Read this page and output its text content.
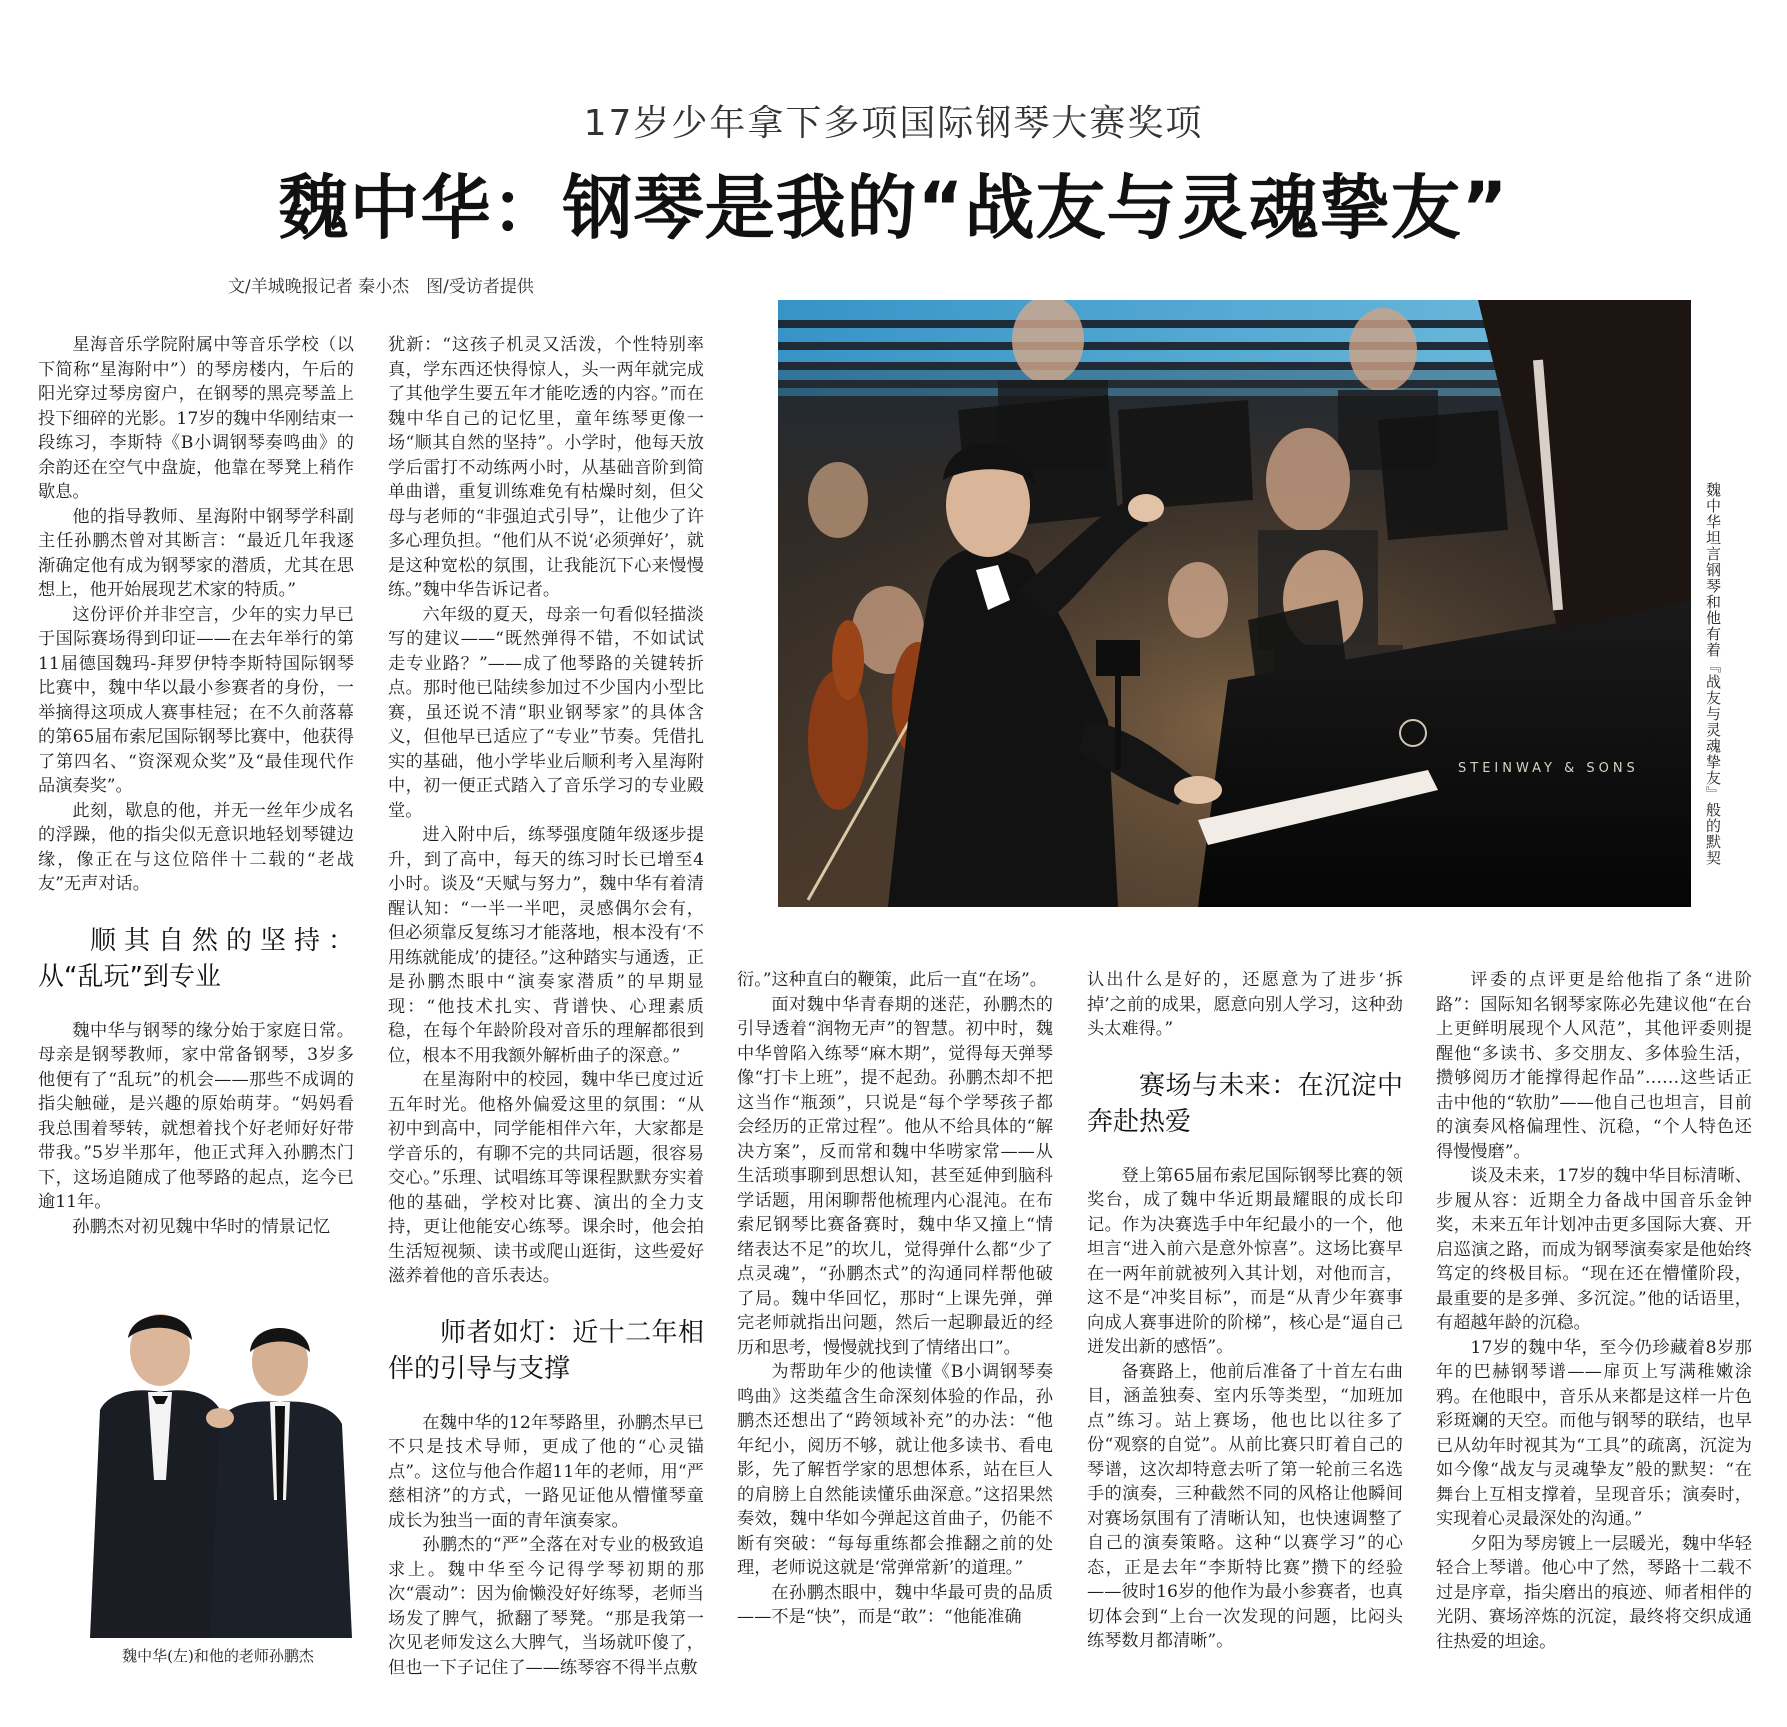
17岁少年拿下多项国际钢琴大赛奖项
魏中华：钢琴是我的“战友与灵魂挚友”
文/羊城晚报记者 秦小杰　图/受访者提供
STEINWAY & SONS	魏中华坦言钢琴和他有着『战友与灵魂挚友』般的默契
魏中华(左)和他的老师孙鹏杰

星海音乐学院附属中等音乐学校（以下简称“星海附中”）的琴房楼内，午后的阳光穿过琴房窗户，在钢琴的黑亮琴盖上投下细碎的光影。17岁的魏中华刚结束一段练习，李斯特《B小调钢琴奏鸣曲》的余韵还在空气中盘旋，他靠在琴凳上稍作歇息。

他的指导教师、星海附中钢琴学科副主任孙鹏杰曾对其断言：“最近几年我逐渐确定他有成为钢琴家的潜质，尤其在思想上，他开始展现艺术家的特质。”

这份评价并非空言，少年的实力早已于国际赛场得到印证——在去年举行的第11届德国魏玛-拜罗伊特李斯特国际钢琴比赛中，魏中华以最小参赛者的身份，一举摘得这项成人赛事桂冠；在不久前落幕的第65届布索尼国际钢琴比赛中，他获得了第四名、“资深观众奖”及“最佳现代作品演奏奖”。

此刻，歇息的他，并无一丝年少成名的浮躁，他的指尖似无意识地轻划琴键边缘，像正在与这位陪伴十二载的“老战友”无声对话。

顺其自然的坚持：从“乱玩”到专业

魏中华与钢琴的缘分始于家庭日常。母亲是钢琴教师，家中常备钢琴，3岁多他便有了“乱玩”的机会——那些不成调的指尖触碰，是兴趣的原始萌芽。“妈妈看我总围着琴转，就想着找个好老师好好带带我。”5岁半那年，他正式拜入孙鹏杰门下，这场追随成了他琴路的起点，迄今已逾11年。

孙鹏杰对初见魏中华时的情景记忆

犹新：“这孩子机灵又活泼，个性特别率真，学东西还快得惊人，头一两年就完成了其他学生要五年才能吃透的内容。”而在魏中华自己的记忆里，童年练琴更像一场“顺其自然的坚持”。小学时，他每天放学后雷打不动练两小时，从基础音阶到简单曲谱，重复训练难免有枯燥时刻，但父母与老师的“非强迫式引导”，让他少了许多心理负担。“他们从不说‘必须弹好’，就是这种宽松的氛围，让我能沉下心来慢慢练。”魏中华告诉记者。

六年级的夏天，母亲一句看似轻描淡写的建议——“既然弹得不错，不如试试走专业路？”——成了他琴路的关键转折点。那时他已陆续参加过不少国内小型比赛，虽还说不清“职业钢琴家”的具体含义，但他早已适应了“专业”节奏。凭借扎实的基础，他小学毕业后顺利考入星海附中，初一便正式踏入了音乐学习的专业殿堂。

进入附中后，练琴强度随年级逐步提升，到了高中，每天的练习时长已增至4小时。谈及“天赋与努力”，魏中华有着清醒认知：“一半一半吧，灵感偶尔会有，但必须靠反复练习才能落地，根本没有‘不用练就能成’的捷径。”这种踏实与通透，正是孙鹏杰眼中“演奏家潜质”的早期显现：“他技术扎实、背谱快、心理素质稳，在每个年龄阶段对音乐的理解都很到位，根本不用我额外解析曲子的深意。”

在星海附中的校园，魏中华已度过近五年时光。他格外偏爱这里的氛围：“从初中到高中，同学能相伴六年，大家都是学音乐的，有聊不完的共同话题，很容易交心。”乐理、试唱练耳等课程默默夯实着他的基础，学校对比赛、演出的全力支持，更让他能安心练琴。课余时，他会拍生活短视频、读书或爬山逛街，这些爱好滋养着他的音乐表达。

师者如灯：近十二年相伴的引导与支撑

在魏中华的12年琴路里，孙鹏杰早已不只是技术导师，更成了他的“心灵锚点”。这位与他合作超11年的老师，用“严慈相济”的方式，一路见证他从懵懂琴童成长为独当一面的青年演奏家。

孙鹏杰的“严”全落在对专业的极致追求上。魏中华至今记得学琴初期的那次“震动”：因为偷懒没好好练琴，老师当场发了脾气，掀翻了琴凳。“那是我第一次见老师发这么大脾气，当场就吓傻了，但也一下子记住了——练琴容不得半点敷

衍。”这种直白的鞭策，此后一直“在场”。

面对魏中华青春期的迷茫，孙鹏杰的引导透着“润物无声”的智慧。初中时，魏中华曾陷入练琴“麻木期”，觉得每天弹琴像“打卡上班”，提不起劲。孙鹏杰却不把这当作“瓶颈”，只说是“每个学琴孩子都会经历的正常过程”。他从不给具体的“解决方案”，反而常和魏中华唠家常——从生活琐事聊到思想认知，甚至延伸到脑科学话题，用闲聊帮他梳理内心混沌。在布索尼钢琴比赛备赛时，魏中华又撞上“情绪表达不足”的坎儿，觉得弹什么都“少了点灵魂”，“孙鹏杰式”的沟通同样帮他破了局。魏中华回忆，那时“上课先弹，弹完老师就指出问题，然后一起聊最近的经历和思考，慢慢就找到了情绪出口”。

为帮助年少的他读懂《B小调钢琴奏鸣曲》这类蕴含生命深刻体验的作品，孙鹏杰还想出了“跨领域补充”的办法：“他年纪小，阅历不够，就让他多读书、看电影，先了解哲学家的思想体系，站在巨人的肩膀上自然能读懂乐曲深意。”这招果然奏效，魏中华如今弹起这首曲子，仍能不断有突破：“每每重练都会推翻之前的处理，老师说这就是‘常弹常新’的道理。”

在孙鹏杰眼中，魏中华最可贵的品质——不是“快”，而是“敢”：“他能准确

认出什么是好的，还愿意为了进步‘拆掉’之前的成果，愿意向别人学习，这种劲头太难得。”

赛场与未来：在沉淀中奔赴热爱

登上第65届布索尼国际钢琴比赛的领奖台，成了魏中华近期最耀眼的成长印记。作为决赛选手中年纪最小的一个，他坦言“进入前六是意外惊喜”。这场比赛早在一两年前就被列入其计划，对他而言，这不是“冲奖目标”，而是“从青少年赛事向成人赛事进阶的阶梯”，核心是“逼自己迸发出新的感悟”。

备赛路上，他前后准备了十首左右曲目，涵盖独奏、室内乐等类型，“加班加点”练习。站上赛场，他也比以往多了份“观察的自觉”。从前比赛只盯着自己的琴谱，这次却特意去听了第一轮前三名选手的演奏，三种截然不同的风格让他瞬间对赛场氛围有了清晰认知，也快速调整了自己的演奏策略。这种“以赛学习”的心态，正是去年“李斯特比赛”攒下的经验——彼时16岁的他作为最小参赛者，也真切体会到“上台一次发现的问题，比闷头练琴数月都清晰”。

评委的点评更是给他指了条“进阶路”：国际知名钢琴家陈必先建议他“在台上更鲜明展现个人风范”，其他评委则提醒他“多读书、多交朋友、多体验生活，攒够阅历才能撑得起作品”……这些话正击中他的“软肋”——他自己也坦言，目前的演奏风格偏理性、沉稳，“个人特色还得慢慢磨”。

谈及未来，17岁的魏中华目标清晰、步履从容：近期全力备战中国音乐金钟奖，未来五年计划冲击更多国际大赛、开启巡演之路，而成为钢琴演奏家是他始终笃定的终极目标。“现在还在懵懂阶段，最重要的是多弹、多沉淀。”他的话语里，有超越年龄的沉稳。

17岁的魏中华，至今仍珍藏着8岁那年的巴赫钢琴谱——扉页上写满稚嫩涂鸦。在他眼中，音乐从来都是这样一片色彩斑斓的天空。而他与钢琴的联结，也早已从幼年时视其为“工具”的疏离，沉淀为如今像“战友与灵魂挚友”般的默契：“在舞台上互相支撑着，呈现音乐；演奏时，实现着心灵最深处的沟通。”

夕阳为琴房镀上一层暖光，魏中华轻轻合上琴谱。他心中了然，琴路十二载不过是序章，指尖磨出的痕迹、师者相伴的光阴、赛场淬炼的沉淀，最终将交织成通往热爱的坦途。
